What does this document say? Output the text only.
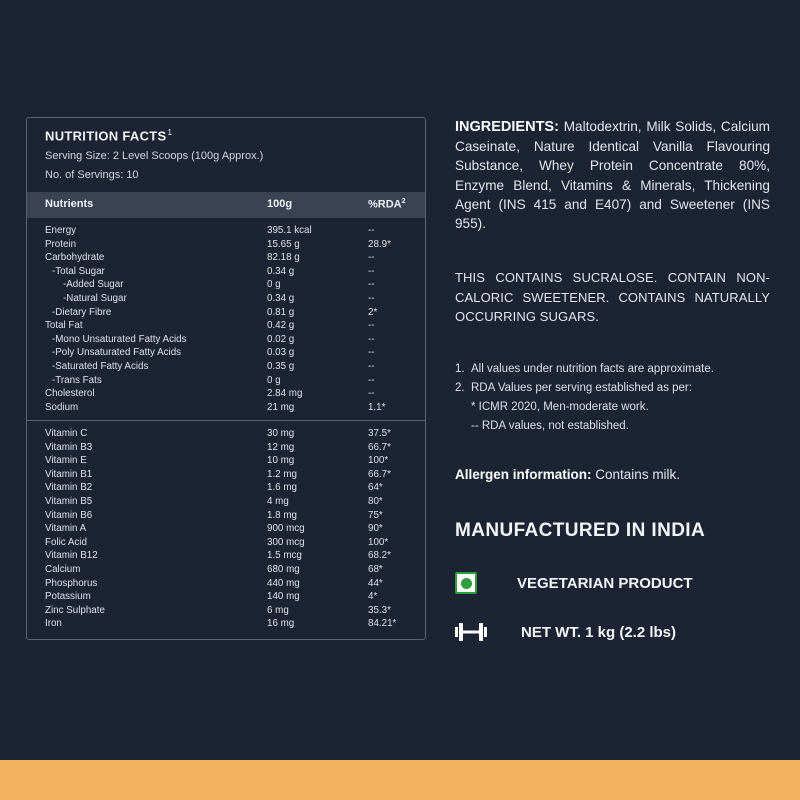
NUTRITION FACTS$^1$
Serving Size: 2 Level Scoops (100g Approx.)
No. of Servings: 10
Nutrients	100g	%RDA$^2$
Energy	395.1 kcal	--
Protein	15.65 g	28.9*
Carbohydrate	82.18 g	--
-Total Sugar	0.34 g	--
-Added Sugar	0 g	--
-Natural Sugar	0.34 g	--
-Dietary Fibre	0.81 g	2*
Total Fat	0.42 g	--
-Mono Unsaturated Fatty Acids	0.02 g	--
-Poly Unsaturated Fatty Acids	0.03 g	--
-Saturated Fatty Acids	0.35 g	--
-Trans Fats	0 g	--
Cholesterol	2.84 mg	--
Sodium	21 mg	1.1*
Vitamin C	30 mg	37.5*
Vitamin B3	12 mg	66.7*
Vitamin E	10 mg	100*
Vitamin B1	1.2 mg	66.7*
Vitamin B2	1.6 mg	64*
Vitamin B5	4 mg	80*
Vitamin B6	1.8 mg	75*
Vitamin A	900 mcg	90*
Folic Acid	300 mcg	100*
Vitamin B12	1.5 mcg	68.2*
Calcium	680 mg	68*
Phosphorus	440 mg	44*
Potassium	140 mg	4*
Zinc Sulphate	6 mg	35.3*
Iron	16 mg	84.21*
INGREDIENTS: Maltodextrin, Milk Solids, Calcium Caseinate, Nature Identical Vanilla Flavouring Substance, Whey Protein Concentrate 80%, Enzyme Blend, Vitamins & Minerals, Thickening Agent (INS 415 and E407) and Sweetener (INS 955).
THIS CONTAINS SUCRALOSE. CONTAIN NON-CALORIC SWEETENER. CONTAINS NATURALLY OCCURRING SUGARS.
1. All values under nutrition facts are approximate.
2. RDA Values per serving established as per:
* ICMR 2020, Men-moderate work.
-- RDA values, not established.
Allergen information: Contains milk.
MANUFACTURED IN INDIA
VEGETARIAN PRODUCT
NET WT. 1 kg (2.2 lbs)
